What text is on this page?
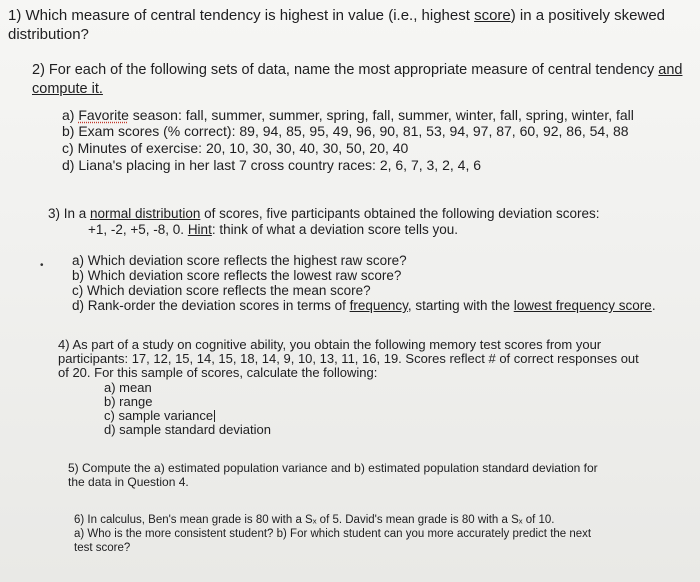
1) Which measure of central tendency is highest in value (i.e., highest score) in a positively skewed
distribution?
2) For each of the following sets of data, name the most appropriate measure of central tendency and
compute it.
a) Favorite season: fall, summer, summer, spring, fall, summer, winter, fall, spring, winter, fall
b) Exam scores (% correct): 89, 94, 85, 95, 49, 96, 90, 81, 53, 94, 97, 87, 60, 92, 86, 54, 88
c) Minutes of exercise: 20, 10, 30, 30, 40, 30, 50, 20, 40
d) Liana's placing in her last 7 cross country races: 2, 6, 7, 3, 2, 4, 6
3) In a normal distribution of scores, five participants obtained the following deviation scores:
+1, -2, +5, -8, 0. Hint: think of what a deviation score tells you.
• a) Which deviation score reflects the highest raw score?
b) Which deviation score reflects the lowest raw score?
c) Which deviation score reflects the mean score?
d) Rank-order the deviation scores in terms of frequency, starting with the lowest frequency score.
4) As part of a study on cognitive ability, you obtain the following memory test scores from your
participants: 17, 12, 15, 14, 15, 18, 14, 9, 10, 13, 11, 16, 19. Scores reflect # of correct responses out
of 20. For this sample of scores, calculate the following:
a) mean
b) range
c) sample variance
d) sample standard deviation
5) Compute the a) estimated population variance and b) estimated population standard deviation for
the data in Question 4.
6) In calculus, Ben's mean grade is 80 with a Sₓ of 5. David's mean grade is 80 with a Sₓ of 10.
a) Who is the more consistent student? b) For which student can you more accurately predict the next
test score?
